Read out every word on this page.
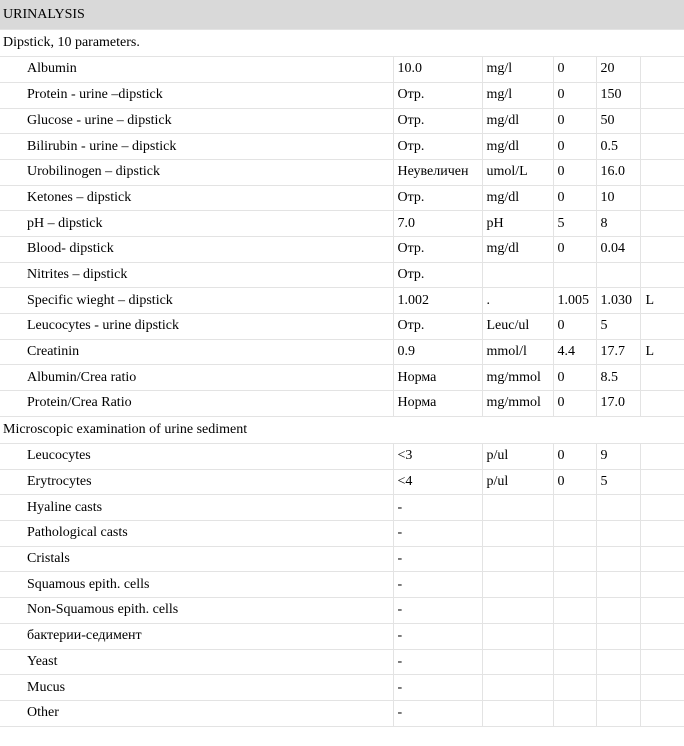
URINALYSIS
Dipstick, 10 parameters.
Albumin	10.0	mg/l	0	20	
Protein - urine –dipstick	Отр.	mg/l	0	150	
Glucose - urine – dipstick	Отр.	mg/dl	0	50	
Bilirubin - urine – dipstick	Отр.	mg/dl	0	0.5	
Urobilinogen – dipstick	Неувеличен	umol/L	0	16.0	
Ketones – dipstick	Отр.	mg/dl	0	10	
pH – dipstick	7.0	pH	5	8	
Blood- dipstick	Отр.	mg/dl	0	0.04	
Nitrites – dipstick	Отр.				
Specific wieght – dipstick	1.002	.	1.005	1.030	L
Leucocytes - urine dipstick	Отр.	Leuc/ul	0	5	
Creatinin	0.9	mmol/l	4.4	17.7	L
Albumin/Crea ratio	Норма	mg/mmol	0	8.5	
Protein/Crea Ratio	Норма	mg/mmol	0	17.0	
Microscopic examination of urine sediment
Leucocytes	<3	p/ul	0	9	
Erytrocytes	<4	p/ul	0	5	
Hyaline casts	-				
Pathological casts	-				
Cristals	-				
Squamous epith. cells	-				
Non-Squamous epith. cells	-				
бактерии-седимент	-				
Yeast	-				
Mucus	-				
Other	-				
